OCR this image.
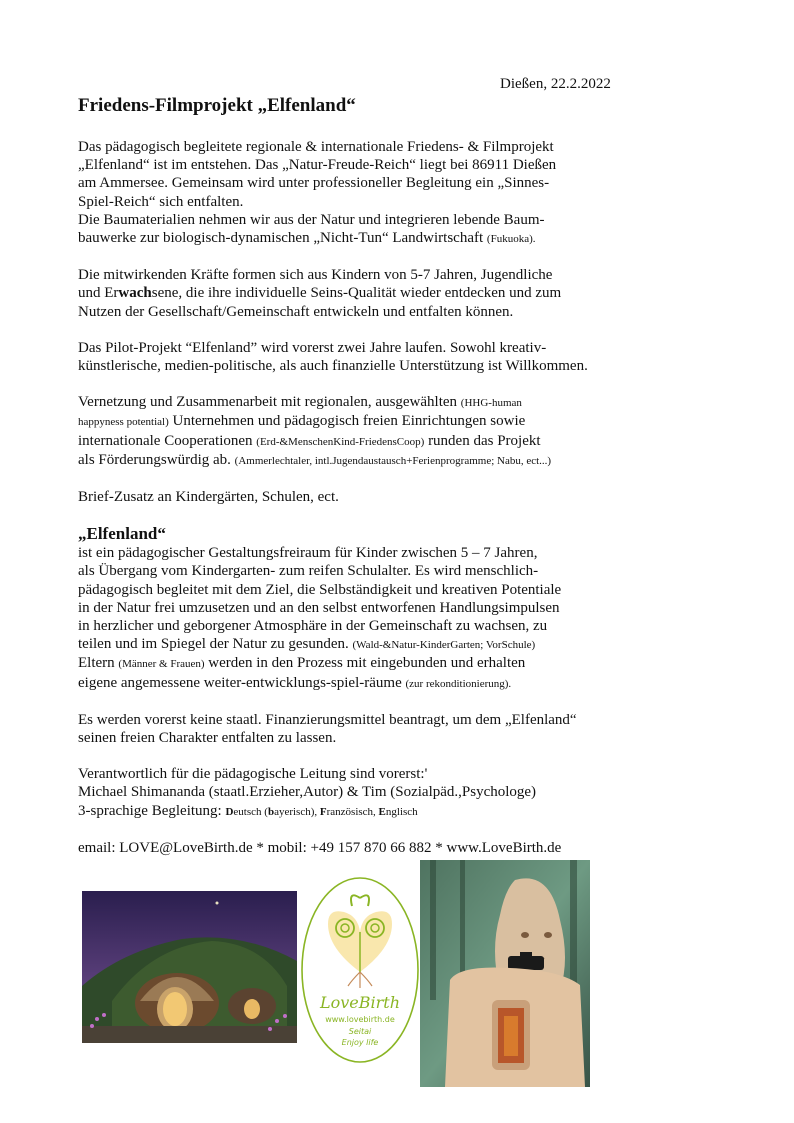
Dießen, 22.2.2022
Friedens-Filmprojekt „Elfenland“

Das pädagogisch begleitete regionale & internationale Friedens- & Filmprojekt

„Elfenland“ ist im entstehen. Das „Natur-Freude-Reich“ liegt bei 86911 Dießen

am Ammersee. Gemeinsam wird unter professioneller Begleitung ein „Sinnes-

Spiel-Reich“ sich entfalten.

Die Baumaterialien nehmen wir aus der Natur und integrieren lebende Baum-

bauwerke zur biologisch-dynamischen „Nicht-Tun“ Landwirtschaft (Fukuoka).

Die mitwirkenden Kräfte formen sich aus Kindern von 5-7 Jahren, Jugendliche

und Erwachsene, die ihre individuelle Seins-Qualität wieder entdecken und zum

Nutzen der Gesellschaft/Gemeinschaft entwickeln und entfalten können.

Das Pilot-Projekt “Elfenland” wird vorerst zwei Jahre laufen. Sowohl kreativ-

künstlerische, medien-politische, als auch finanzielle Unterstützung ist Willkommen.

Vernetzung und Zusammenarbeit mit regionalen, ausgewählten (HHG-human

happyness potential) Unternehmen und pädagogisch freien Einrichtungen sowie

internationale Cooperationen (Erd-&MenschenKind-FriedensCoop) runden das Projekt

als Förderungswürdig ab. (Ammerlechtaler, intl.Jugendaustausch+Ferienprogramme; Nabu, ect...)

Brief-Zusatz an Kindergärten, Schulen, ect.

„Elfenland“

ist ein pädagogischer Gestaltungsfreiraum für Kinder zwischen 5 – 7 Jahren,

als Übergang vom Kindergarten- zum reifen Schulalter. Es wird menschlich-

pädagogisch begleitet mit dem Ziel, die Selbständigkeit und kreativen Potentiale

in der Natur frei umzusetzen und an den selbst entworfenen Handlungsimpulsen

in herzlicher und geborgener Atmosphäre in der Gemeinschaft zu wachsen, zu

teilen und im Spiegel der Natur zu gesunden. (Wald-&Natur-KinderGarten; VorSchule)

Eltern (Männer & Frauen) werden in den Prozess mit eingebunden und erhalten

eigene angemessene weiter-entwicklungs-spiel-räume (zur rekonditionierung).

Es werden vorerst keine staatl. Finanzierungsmittel beantragt, um dem „Elfenland“

seinen freien Charakter entfalten zu lassen.

Verantwortlich für die pädagogische Leitung sind vorerst:'

Michael Shimananda (staatl.Erzieher,Autor) & Tim (Sozialpäd.,Psychologe)

3-sprachige Begleitung: Deutsch (bayerisch), Französisch, Englisch

email: LOVE@LoveBirth.de * mobil: +49 157 870 66 882 * www.LoveBirth.de

LoveBirth
www.lovebirth.de
Seitai
Enjoy life
